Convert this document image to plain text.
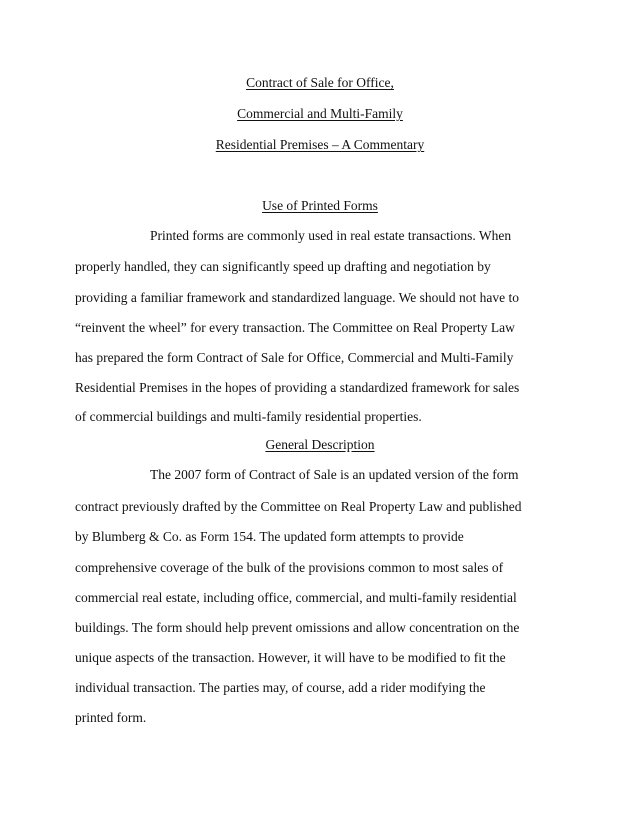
Contract of Sale for Office,
Commercial and Multi-Family
Residential Premises – A Commentary
Use of Printed Forms
Printed forms are commonly used in real estate transactions. When
properly handled, they can significantly speed up drafting and negotiation by
providing a familiar framework and standardized language. We should not have to
“reinvent the wheel” for every transaction. The Committee on Real Property Law
has prepared the form Contract of Sale for Office, Commercial and Multi-Family
Residential Premises in the hopes of providing a standardized framework for sales
of commercial buildings and multi-family residential properties.
General Description
The 2007 form of Contract of Sale is an updated version of the form
contract previously drafted by the Committee on Real Property Law and published
by Blumberg & Co. as Form 154. The updated form attempts to provide
comprehensive coverage of the bulk of the provisions common to most sales of
commercial real estate, including office, commercial, and multi-family residential
buildings. The form should help prevent omissions and allow concentration on the
unique aspects of the transaction. However, it will have to be modified to fit the
individual transaction. The parties may, of course, add a rider modifying the
printed form.
